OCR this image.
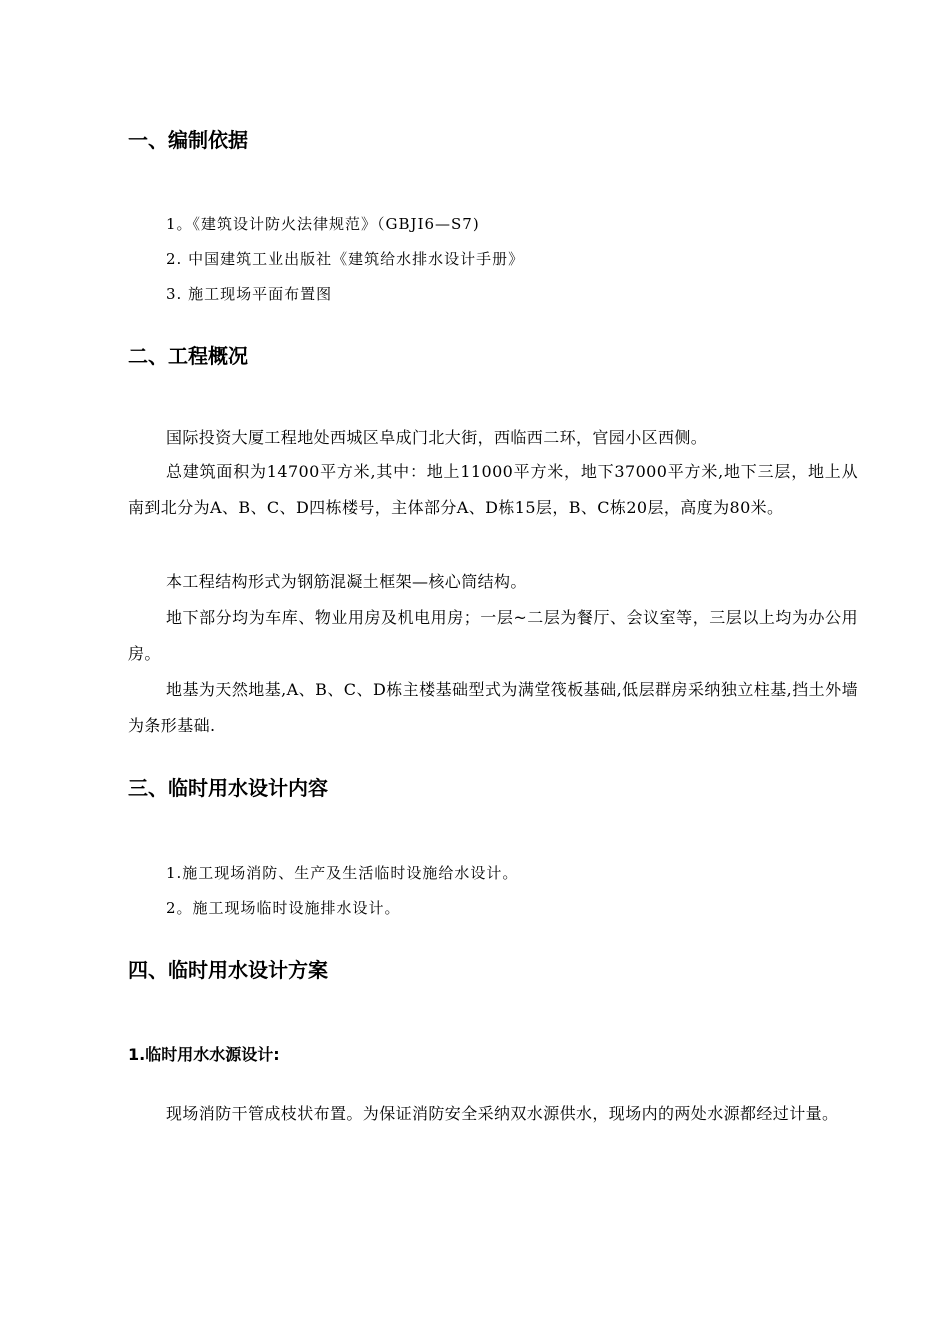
一、编制依据
1。《建筑设计防火法律规范》（GBJI6—S7)
2. 中国建筑工业出版社《建筑给水排水设计手册》
3. 施工现场平面布置图
二、工程概况

国际投资大厦工程地处西城区阜成门北大街，西临西二环，官园小区西侧。

总建筑面积为14700平方米,其中：地上11000平方米，地下37000平方米,地下三层，地上从南到北分为A、B、C、D四栋楼号，主体部分A、D栋15层，B、C栋20层，高度为80米。

本工程结构形式为钢筋混凝土框架—核心筒结构。

地下部分均为车库、物业用房及机电用房；一层~二层为餐厅、会议室等，三层以上均为办公用房。

地基为天然地基,A、B、C、D栋主楼基础型式为满堂筏板基础,低层群房采纳独立柱基,挡土外墙为条形基础.

三、临时用水设计内容
1.施工现场消防、生产及生活临时设施给水设计。
2。施工现场临时设施排水设计。
四、临时用水设计方案
1.临时用水水源设计:

现场消防干管成枝状布置。为保证消防安全采纳双水源供水，现场内的两处水源都经过计量。
